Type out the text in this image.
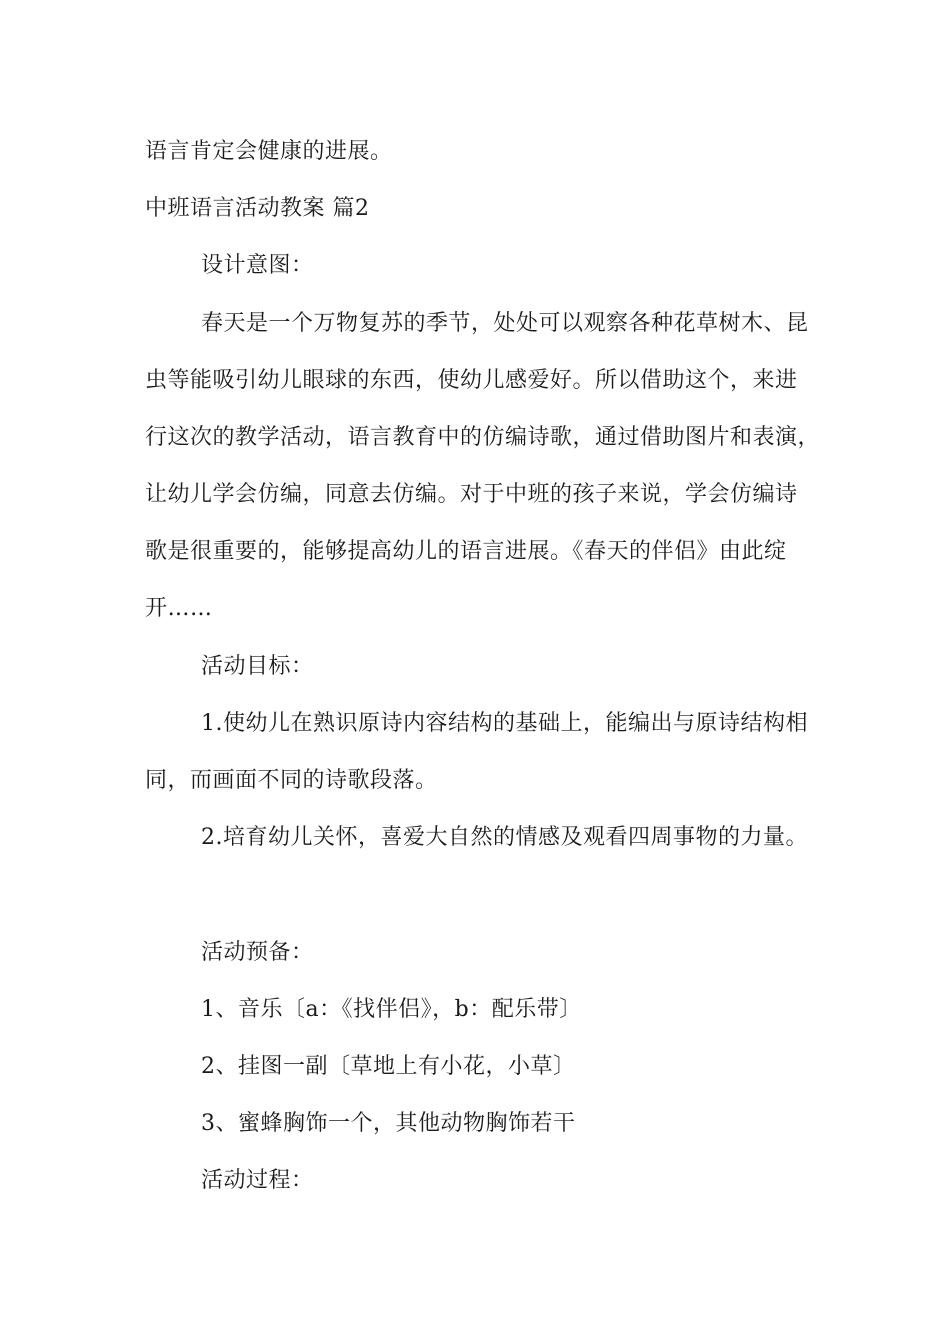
语言肯定会健康的进展。
中班语言活动教案 篇2
设计意图：
春天是一个万物复苏的季节，处处可以观察各种花草树木、昆
虫等能吸引幼儿眼球的东西，使幼儿感爱好。所以借助这个，来进
行这次的教学活动，语言教育中的仿编诗歌，通过借助图片和表演，
让幼儿学会仿编，同意去仿编。对于中班的孩子来说，学会仿编诗
歌是很重要的，能够提高幼儿的语言进展。《春天的伴侣》由此绽
开……
活动目标：
1.使幼儿在熟识原诗内容结构的基础上，能编出与原诗结构相
同，而画面不同的诗歌段落。
2.培育幼儿关怀，喜爱大自然的情感及观看四周事物的力量。
活动预备：
1、音乐〔a：《找伴侣》，b：配乐带〕
2、挂图一副〔草地上有小花，小草〕
3、蜜蜂胸饰一个，其他动物胸饰若干
活动过程：
